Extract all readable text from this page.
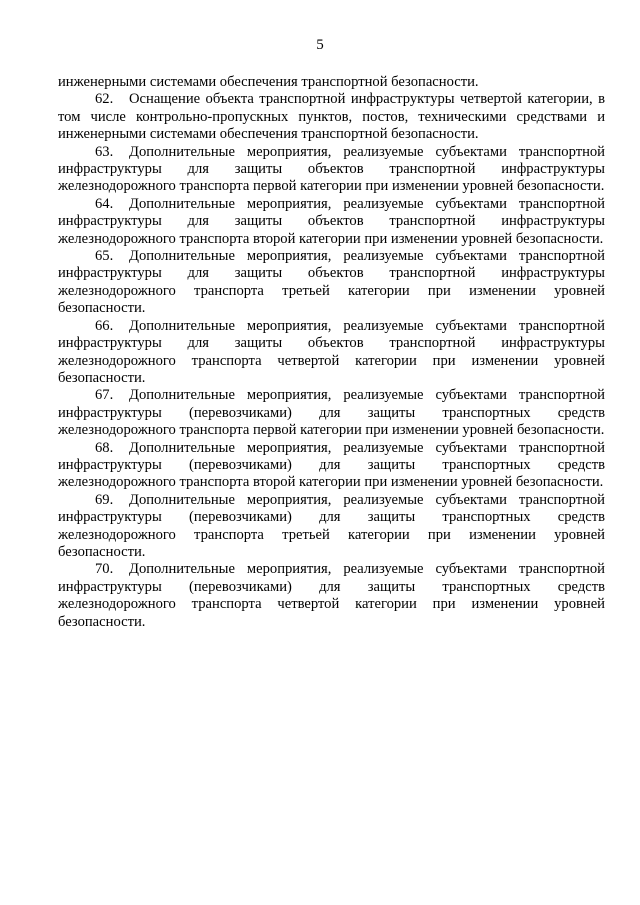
5

инженерными системами обеспечения транспортной безопасности.

62. Оснащение объекта транспортной инфраструктуры четвертой категории, в том числе контрольно-пропускных пунктов, постов, техническими средствами и инженерными системами обеспечения транспортной безопасности.

63. Дополнительные мероприятия, реализуемые субъектами транспортной инфраструктуры для защиты объектов транспортной инфраструктуры железнодорожного транспорта первой категории при изменении уровней безопасности.

64. Дополнительные мероприятия, реализуемые субъектами транспортной инфраструктуры для защиты объектов транспортной инфраструктуры железнодорожного транспорта второй категории при изменении уровней безопасности.

65. Дополнительные мероприятия, реализуемые субъектами транспортной инфраструктуры для защиты объектов транспортной инфраструктуры железнодорожного транспорта третьей категории при изменении уровней безопасности.

66. Дополнительные мероприятия, реализуемые субъектами транспортной инфраструктуры для защиты объектов транспортной инфраструктуры железнодорожного транспорта четвертой категории при изменении уровней безопасности.

67. Дополнительные мероприятия, реализуемые субъектами транспортной инфраструктуры (перевозчиками) для защиты транспортных средств железнодорожного транспорта первой категории при изменении уровней безопасности.

68. Дополнительные мероприятия, реализуемые субъектами транспортной инфраструктуры (перевозчиками) для защиты транспортных средств железнодорожного транспорта второй категории при изменении уровней безопасности.

69. Дополнительные мероприятия, реализуемые субъектами транспортной инфраструктуры (перевозчиками) для защиты транспортных средств железнодорожного транспорта третьей категории при изменении уровней безопасности.

70. Дополнительные мероприятия, реализуемые субъектами транспортной инфраструктуры (перевозчиками) для защиты транспортных средств железнодорожного транспорта четвертой категории при изменении уровней безопасности.
